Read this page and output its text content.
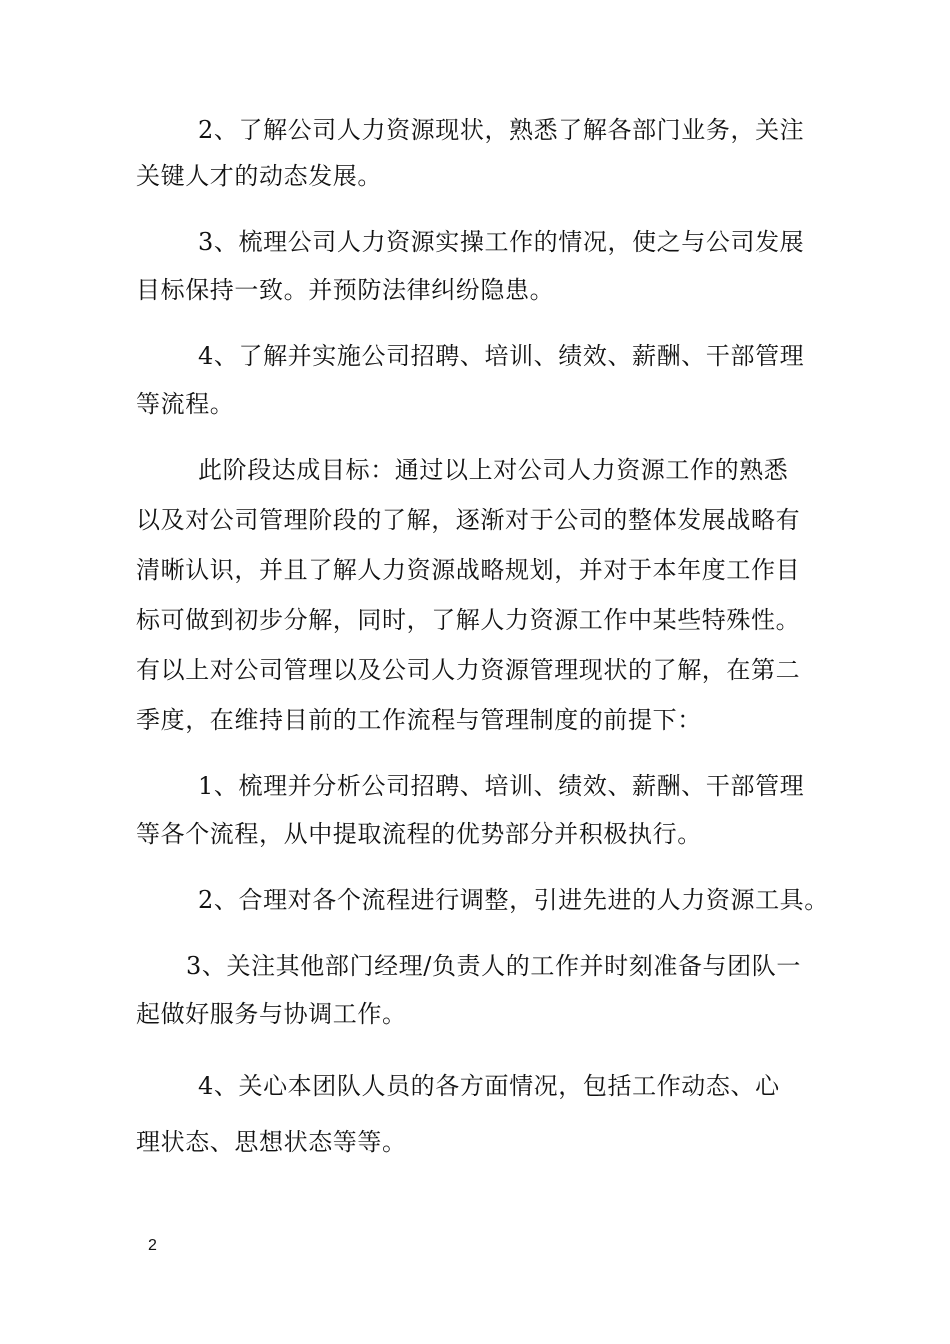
2、了解公司人力资源现状，熟悉了解各部门业务，关注
关键人才的动态发展。
3、梳理公司人力资源实操工作的情况，使之与公司发展
目标保持一致。并预防法律纠纷隐患。
4、了解并实施公司招聘、培训、绩效、薪酬、干部管理
等流程。
此阶段达成目标：通过以上对公司人力资源工作的熟悉
以及对公司管理阶段的了解，逐渐对于公司的整体发展战略有
清晰认识，并且了解人力资源战略规划，并对于本年度工作目
标可做到初步分解，同时，了解人力资源工作中某些特殊性。
有以上对公司管理以及公司人力资源管理现状的了解，在第二
季度，在维持目前的工作流程与管理制度的前提下：
1、梳理并分析公司招聘、培训、绩效、薪酬、干部管理
等各个流程，从中提取流程的优势部分并积极执行。
2、合理对各个流程进行调整，引进先进的人力资源工具。
3、关注其他部门经理/负责人的工作并时刻准备与团队一
起做好服务与协调工作。
4、关心本团队人员的各方面情况，包括工作动态、心
理状态、思想状态等等。
2
